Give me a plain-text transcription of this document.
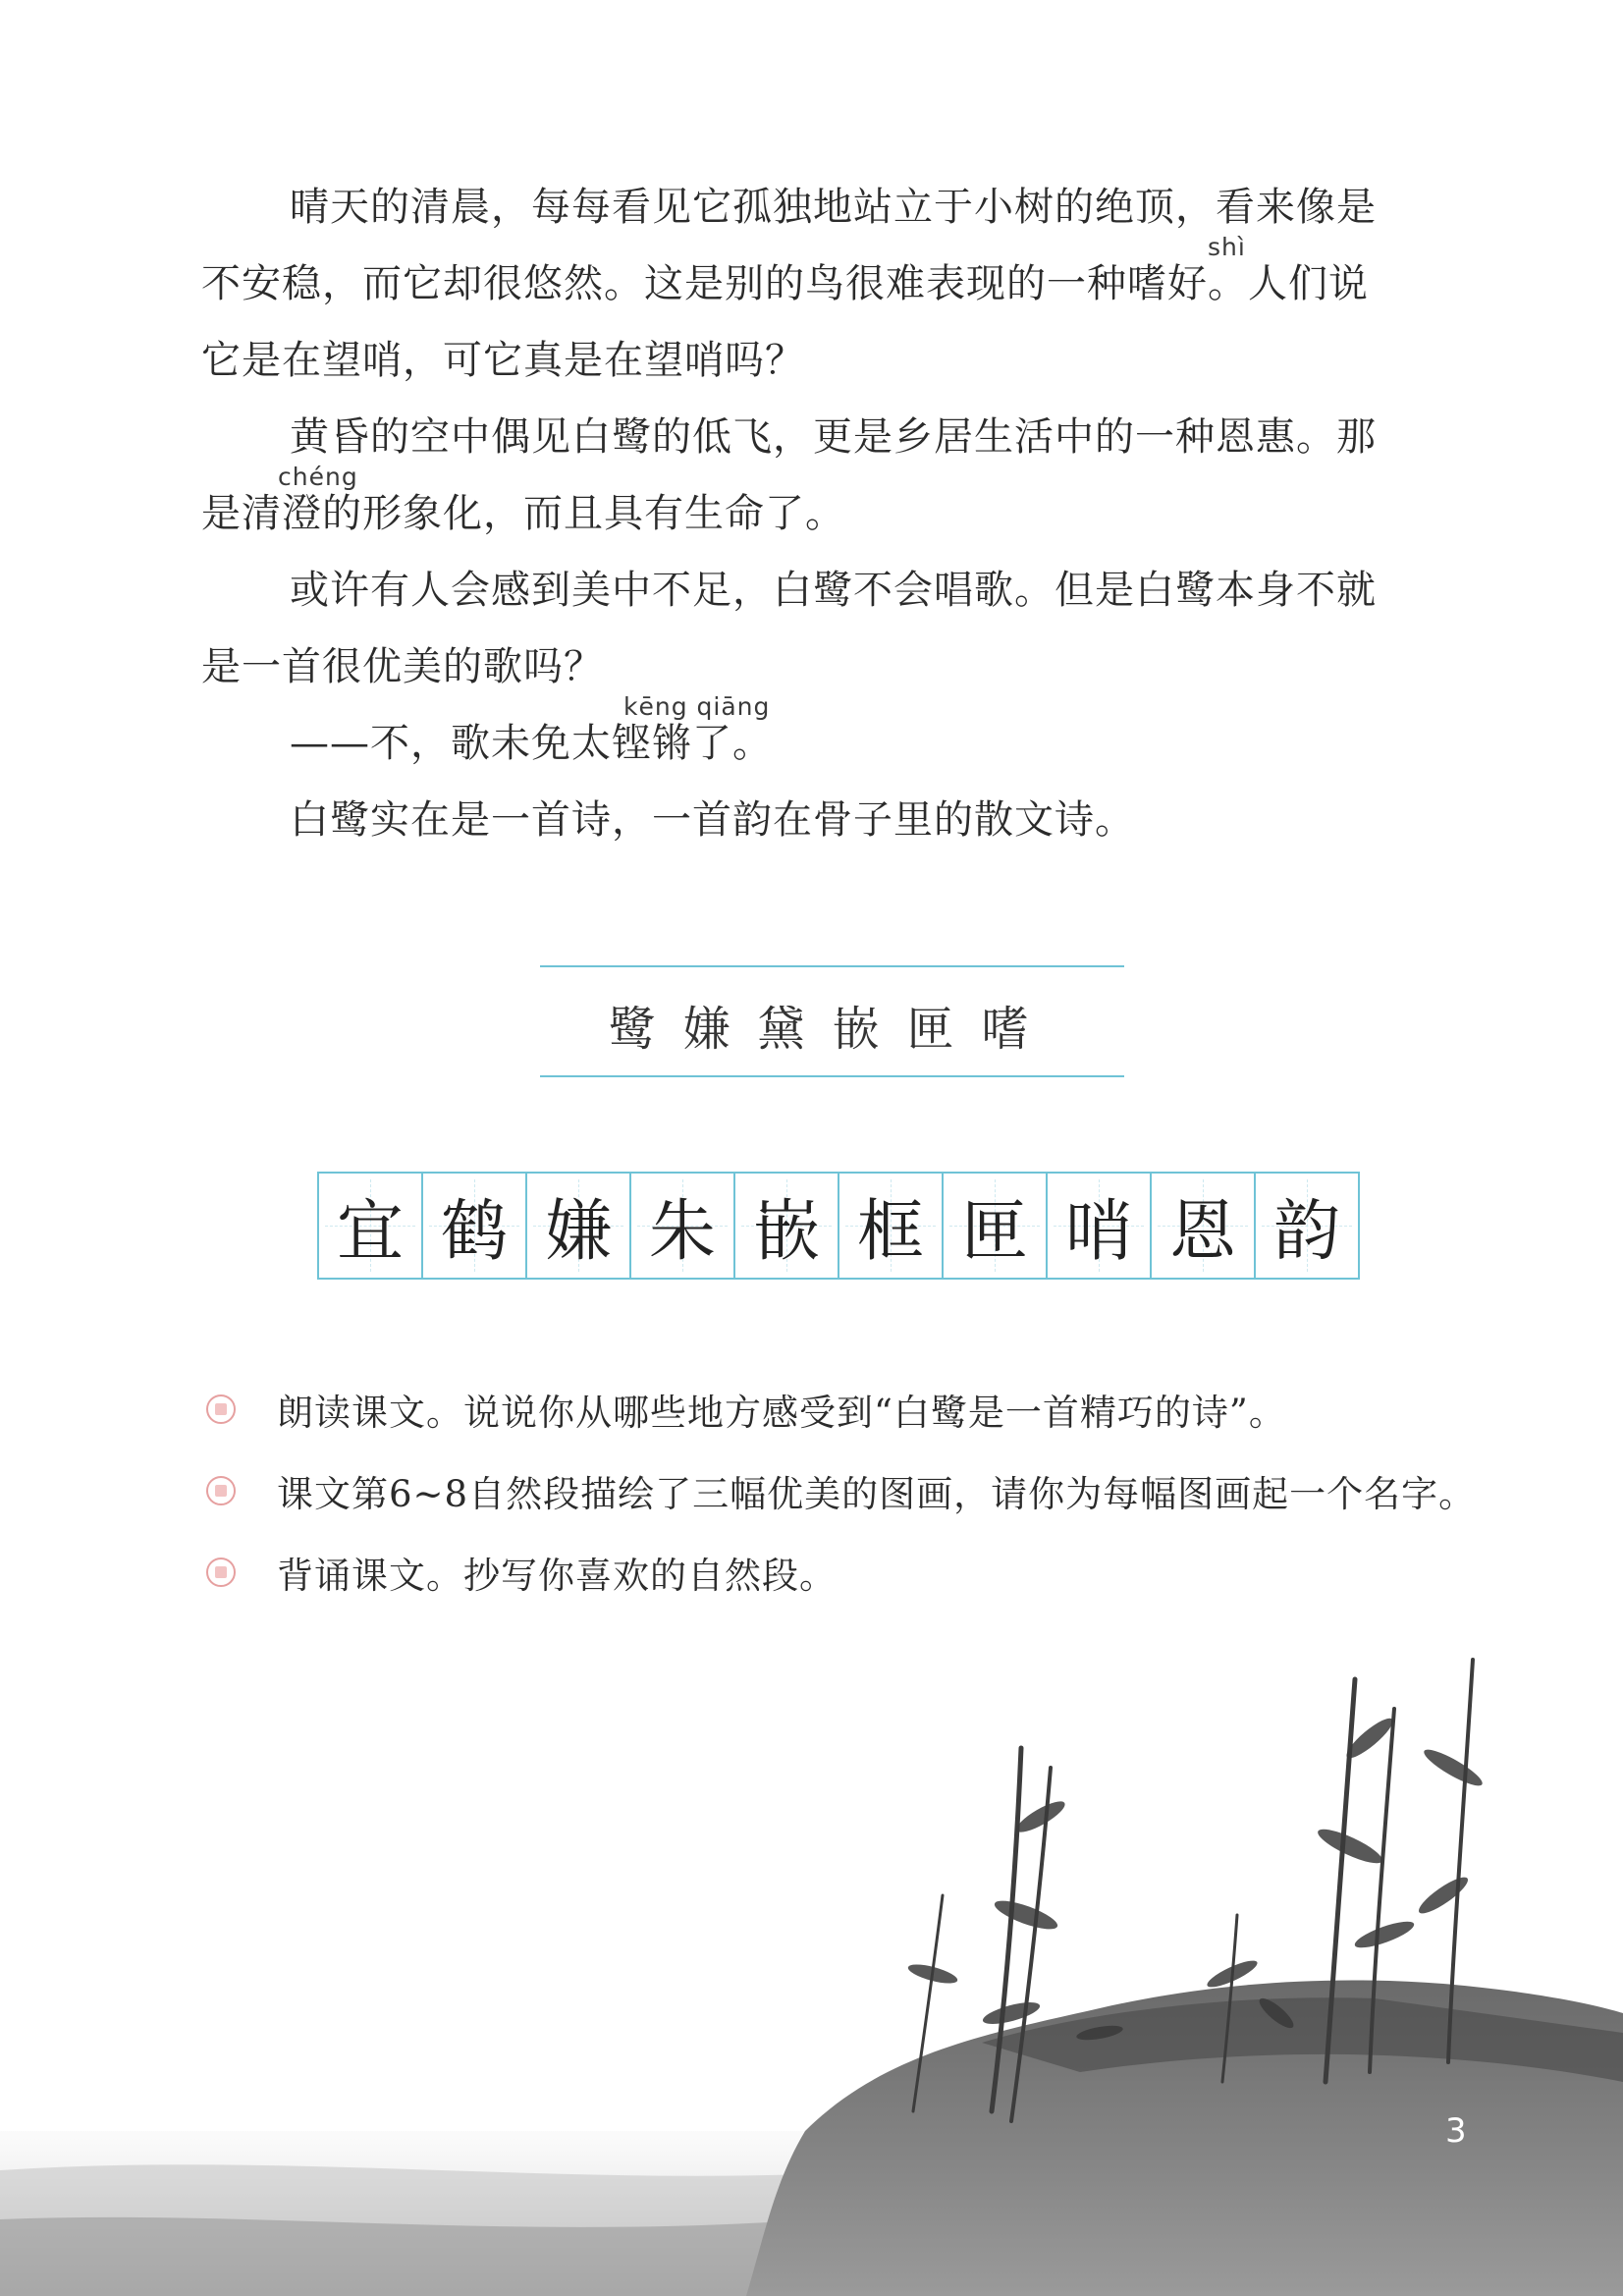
晴天的清晨，每每看见它孤独地站立于小树的绝顶，看来像是
shì
不安稳，而它却很悠然。这是别的鸟很难表现的一种嗜好。人们说
它是在望哨，可它真是在望哨吗？
黄昏的空中偶见白鹭的低飞，更是乡居生活中的一种恩惠。那
chéng
是清澄的形象化，而且具有生命了。
或许有人会感到美中不足，白鹭不会唱歌。但是白鹭本身不就
是一首很优美的歌吗？
kēng qiāng
——不，歌未免太铿锵了。
白鹭实在是一首诗，一首韵在骨子里的散文诗。
鹭嫌黛嵌匣嗜
宜 鹤 嫌 朱 嵌 框 匣 哨 恩 韵
朗读课文。说说你从哪些地方感受到“白鹭是一首精巧的诗”。
课文第6~8自然段描绘了三幅优美的图画，请你为每幅图画起一个名字。
背诵课文。抄写你喜欢的自然段。
3
